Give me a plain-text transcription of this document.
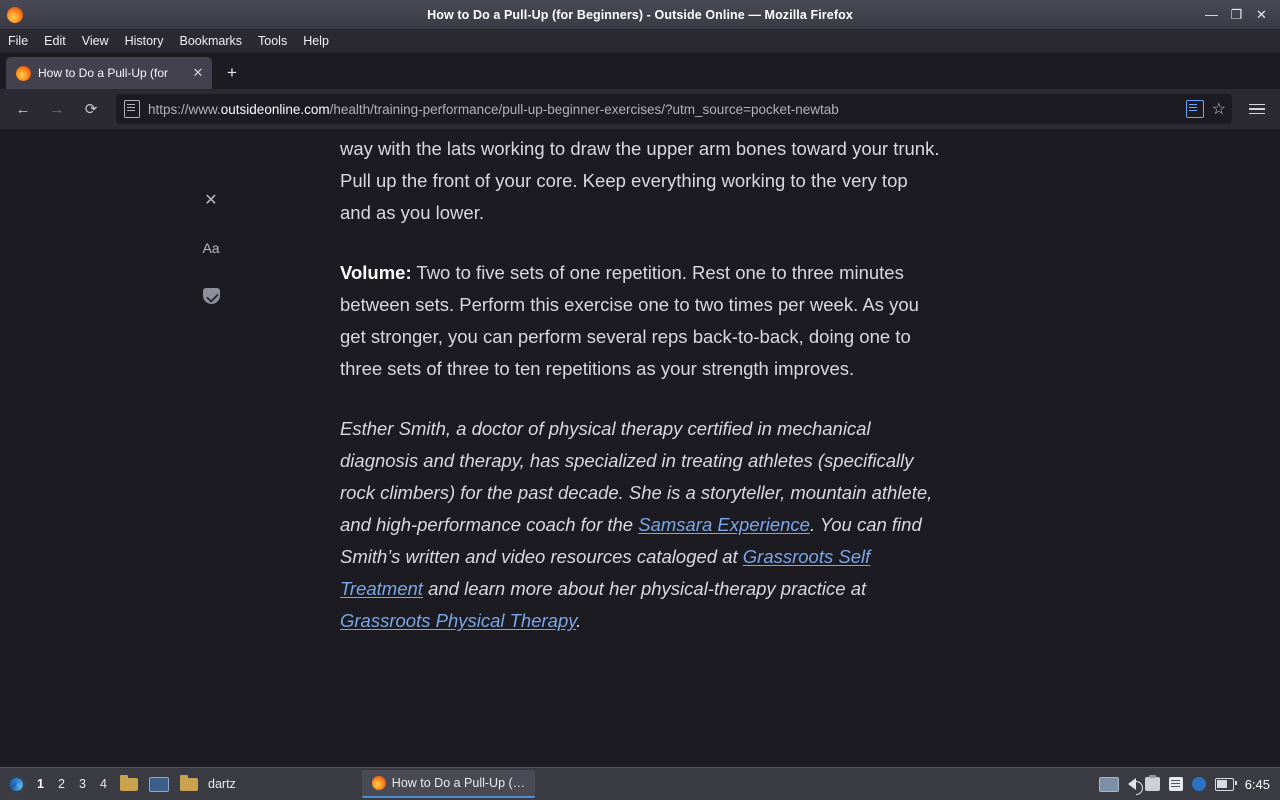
How to Do a Pull-Up (for Beginners) - Outside Online — Mozilla Firefox	— ❐ ✕
File Edit View History Bookmarks Tools Help
How to Do a Pull-Up (for	✕	+
←	→	⟳	https://www.outsideonline.com/health/training-performance/pull-up-beginner-exercises/?utm_source=pocket-newtab	☆
✕
Aa

way with the lats working to draw the upper arm bones toward your trunk. Pull up the front of your core. Keep everything working to the very top and as you lower.

Volume: Two to five sets of one repetition. Rest one to three minutes between sets. Perform this exercise one to two times per week. As you get stronger, you can perform several reps back-to-back, doing one to three sets of three to ten repetitions as your strength improves.

Esther Smith, a doctor of physical therapy certified in mechanical diagnosis and therapy, has specialized in treating athletes (specifically rock climbers) for the past decade. She is a storyteller, mountain athlete, and high-performance coach for the Samsara Experience. You can find Smith’s written and video resources cataloged at Grassroots Self Treatment and learn more about her physical-therapy practice at Grassroots Physical Therapy.

1	2	3	4	dartz	How to Do a Pull-Up (…	6:45
